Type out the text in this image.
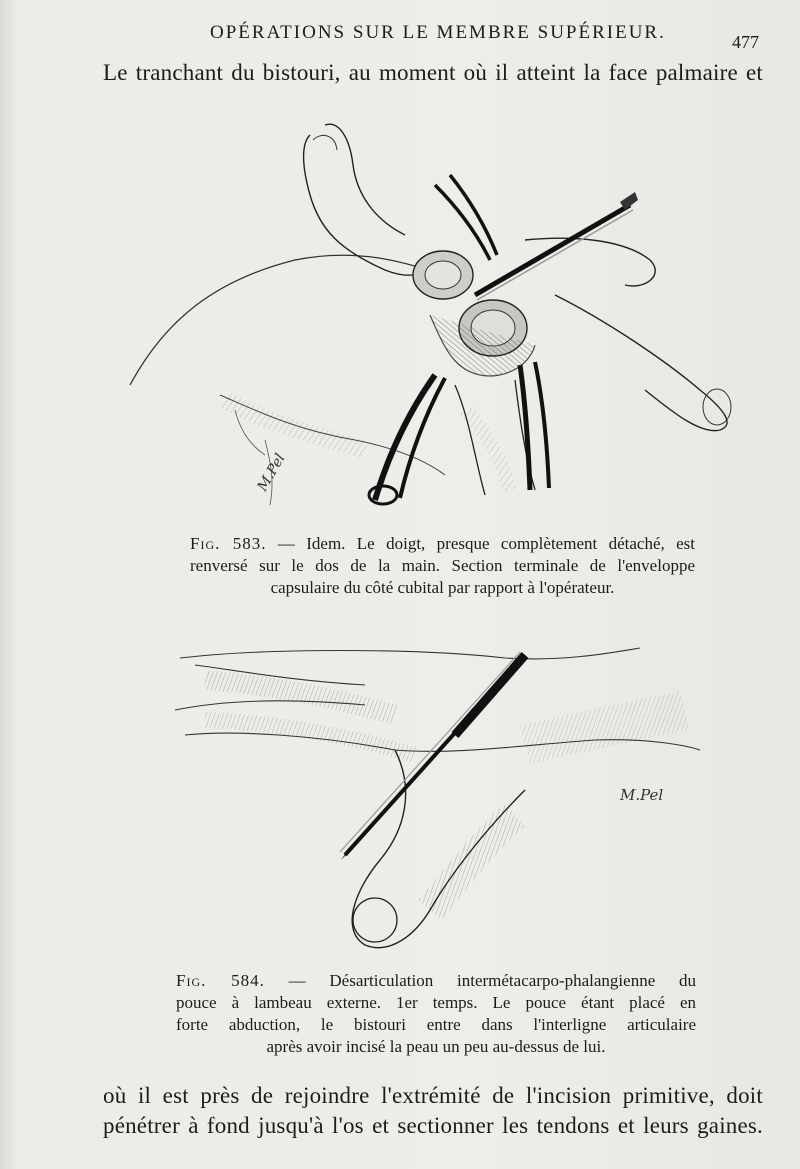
OPÉRATIONS SUR LE MEMBRE SUPÉRIEUR.	477
Le tranchant du bistouri, au moment où il atteint la face palmaire et
M.Pel
Fig. 583. — Idem. Le doigt, presque complètement détaché, est
renversé sur le dos de la main. Section terminale de l'enveloppe
capsulaire du côté cubital par rapport à l'opérateur.
M.Pel
Fig. 584. — Désarticulation intermétacarpo-phalangienne du
pouce à lambeau externe. 1er temps. Le pouce étant placé en
forte abduction, le bistouri entre dans l'interligne articulaire
après avoir incisé la peau un peu au-dessus de lui.
où il est près de rejoindre l'extrémité de l'incision primitive, doit
pénétrer à fond jusqu'à l'os et sectionner les tendons et leurs gaines.
